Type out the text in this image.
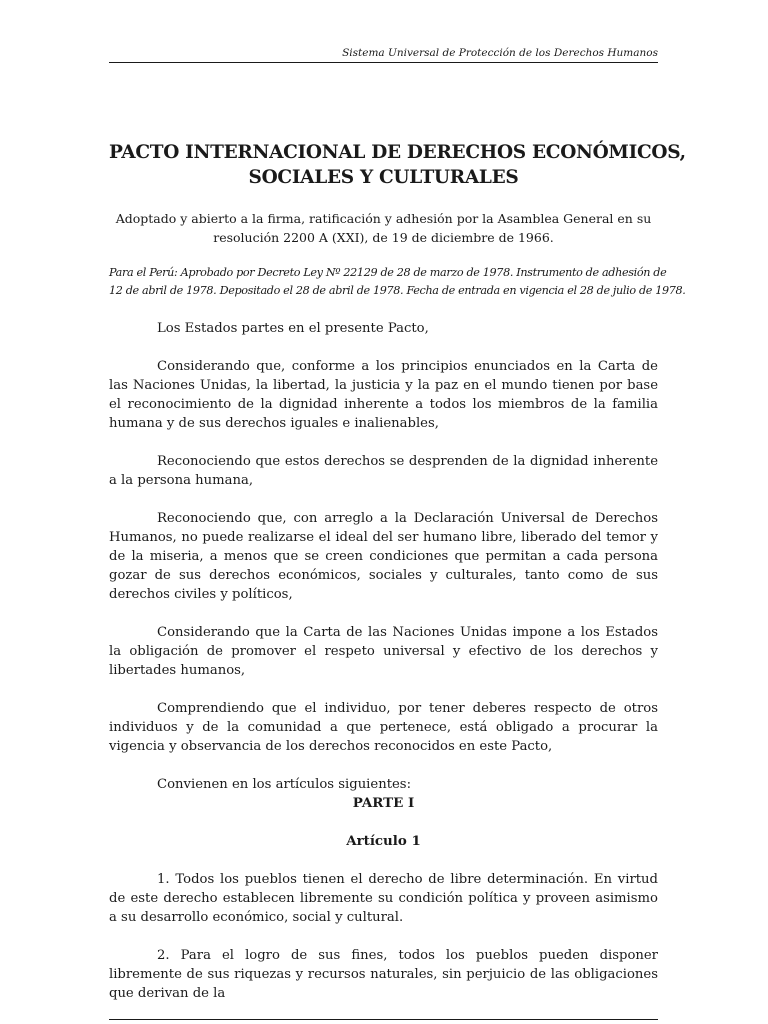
Sistema Universal de Protección de los Derechos Humanos
PACTO INTERNACIONAL DE DERECHOS ECONÓMICOS,
SOCIALES Y CULTURALES

Adoptado y abierto a la firma, ratificación y adhesión por la Asamblea General en su
resolución 2200 A (XXI), de 19 de diciembre de 1966.

Para el Perú: Aprobado por Decreto Ley Nº 22129 de 28 de marzo de 1978. Instrumento de adhesión de
12 de abril de 1978. Depositado el 28 de abril de 1978. Fecha de entrada en vigencia el 28 de julio de 1978.

Los Estados partes en el presente Pacto,

Considerando que, conforme a los principios enunciados en la Carta de las Naciones Unidas, la libertad, la justicia y la paz en el mundo tienen por base el reconocimiento de la dignidad inherente a todos los miembros de la familia humana y de sus derechos iguales e inalienables,

Reconociendo que estos derechos se desprenden de la dignidad inherente a la persona humana,

Reconociendo que, con arreglo a la Declaración Universal de Derechos Humanos, no puede realizarse el ideal del ser humano libre, liberado del temor y de la miseria, a menos que se creen condiciones que permitan a cada persona gozar de sus derechos económicos, sociales y culturales, tanto como de sus derechos civiles y políticos,

Considerando que la Carta de las Naciones Unidas impone a los Estados la obligación de promover el respeto universal y efectivo de los derechos y libertades humanos,

Comprendiendo que el individuo, por tener deberes respecto de otros individuos y de la comunidad a que pertenece, está obligado a procurar la vigencia y observancia de los derechos reconocidos en este Pacto,

Convienen en los artículos siguientes:

PARTE I
Artículo 1

1. Todos los pueblos tienen el derecho de libre determinación. En virtud de este derecho establecen libremente su condición política y proveen asimismo a su desarrollo económico, social y cultural.

2. Para el logro de sus fines, todos los pueblos pueden disponer libremente de sus riquezas y recursos naturales, sin perjuicio de las obligaciones que derivan de la
